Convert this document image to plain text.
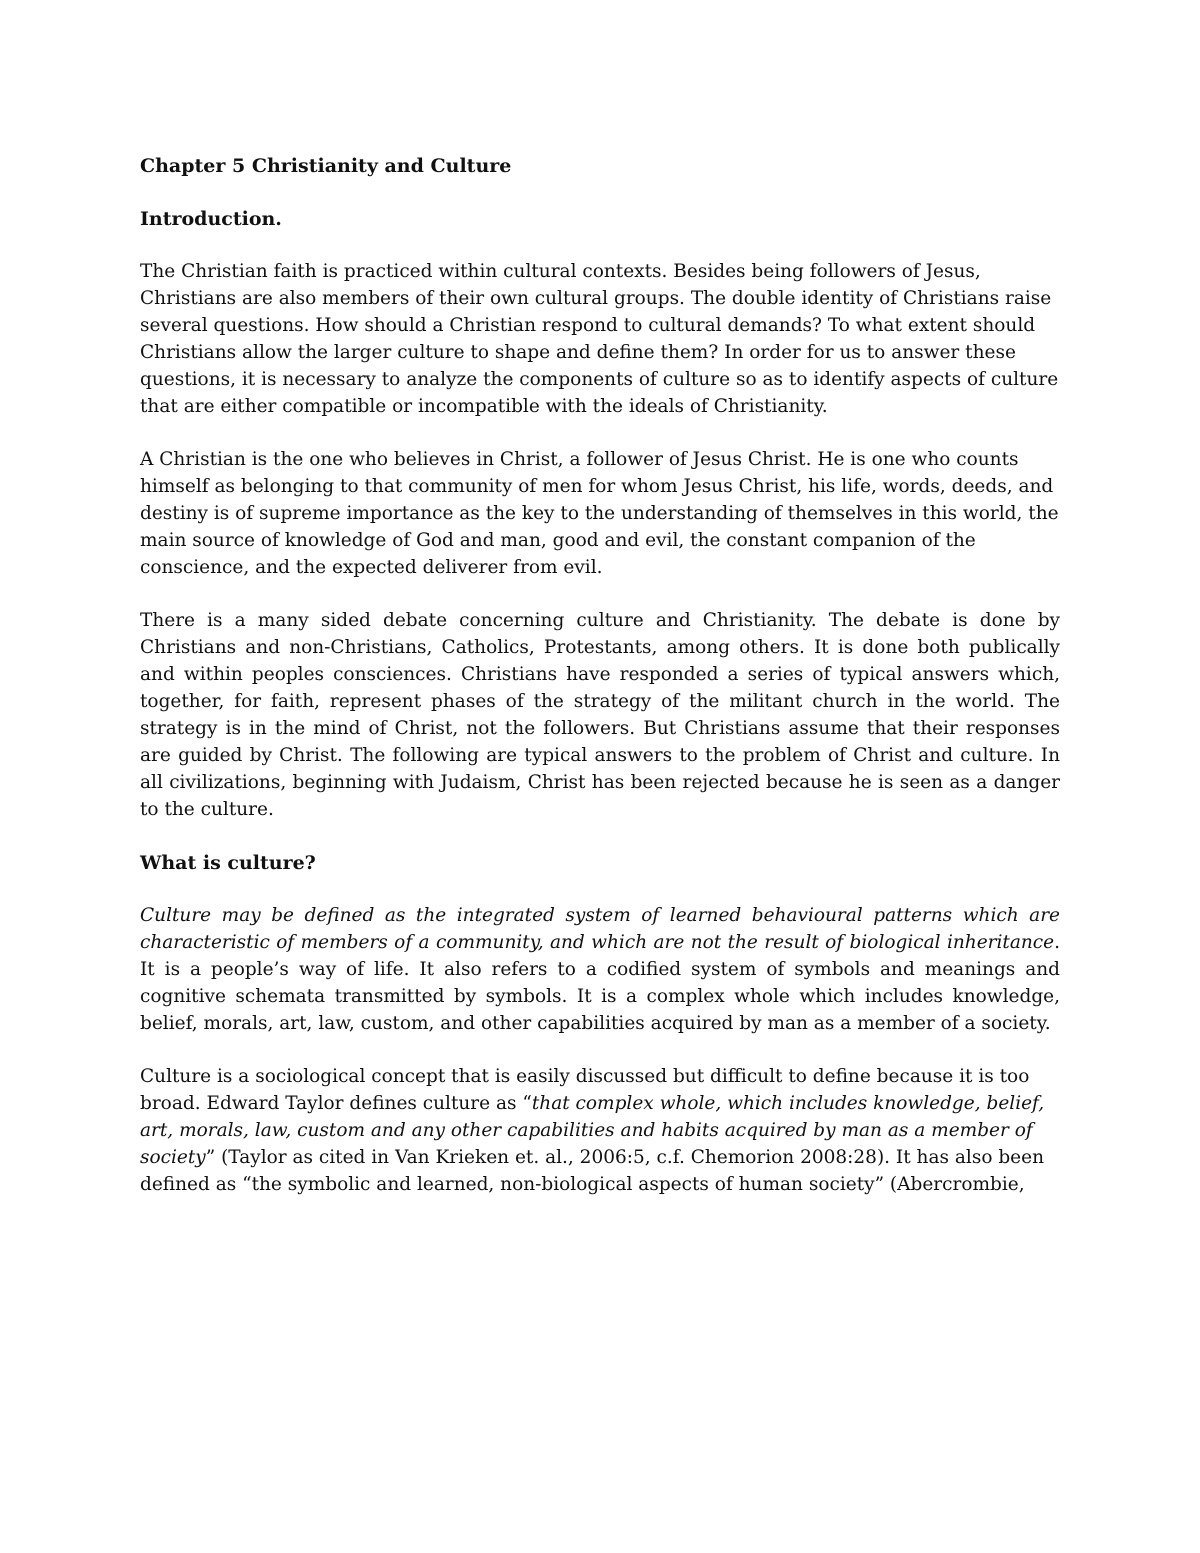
Chapter 5 Christianity and Culture
Introduction.

The Christian faith is practiced within cultural contexts. Besides being followers of Jesus, Christians are also members of their own cultural groups. The double identity of Christians raise several questions. How should a Christian respond to cultural demands? To what extent should Christians allow the larger culture to shape and define them? In order for us to answer these questions, it is necessary to analyze the components of culture so as to identify aspects of culture that are either compatible or incompatible with the ideals of Christianity.

A Christian is the one who believes in Christ, a follower of Jesus Christ. He is one who counts himself as belonging to that community of men for whom Jesus Christ, his life, words, deeds, and destiny is of supreme importance as the key to the understanding of themselves in this world, the main source of knowledge of God and man, good and evil, the constant companion of the conscience, and the expected deliverer from evil.

There is a many sided debate concerning culture and Christianity. The debate is done by Christians and non-Christians, Catholics, Protestants, among others. It is done both publically and within peoples consciences. Christians have responded a series of typical answers which, together, for faith, represent phases of the strategy of the militant church in the world. The strategy is in the mind of Christ, not the followers. But Christians assume that their responses are guided by Christ. The following are typical answers to the problem of Christ and culture. In all civilizations, beginning with Judaism, Christ has been rejected because he is seen as a danger to the culture.

What is culture?

Culture may be defined as the integrated system of learned behavioural patterns which are characteristic of members of a community, and which are not the result of biological inheritance. It is a people’s way of life. It also refers to a codified system of symbols and meanings and cognitive schemata transmitted by symbols. It is a complex whole which includes knowledge, belief, morals, art, law, custom, and other capabilities acquired by man as a member of a society.

Culture is a sociological concept that is easily discussed but difficult to define because it is too broad. Edward Taylor defines culture as “that complex whole, which includes knowledge, belief, art, morals, law, custom and any other capabilities and habits acquired by man as a member of society” (Taylor as cited in Van Krieken et. al., 2006:5, c.f. Chemorion 2008:28). It has also been defined as “the symbolic and learned, non-biological aspects of human society” (Abercrombie,
